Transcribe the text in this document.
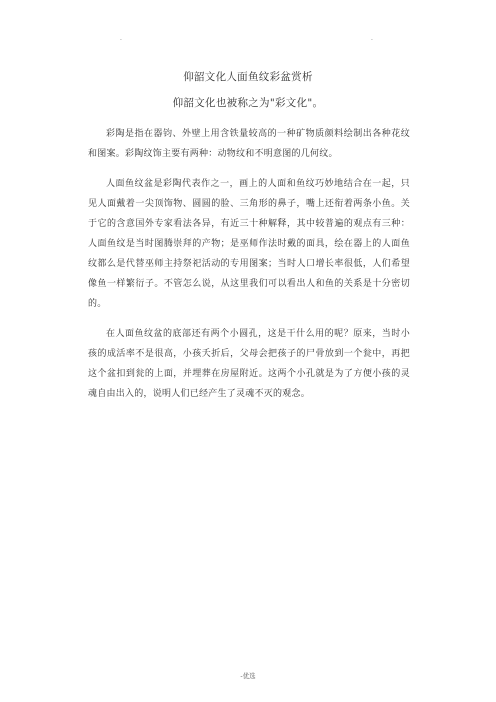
.	.
仰韶文化人面鱼纹彩盆赏析
仰韶文化也被称之为"彩文化"。

彩陶是指在器钧、外壁上用含铁量较高的一种矿物质颜料绘制出各种花纹和图案。彩陶纹饰主要有两种：动物纹和不明意图的几何纹。

人面鱼纹盆是彩陶代表作之一，画上的人面和鱼纹巧妙地结合在一起，只见人面戴着一尖顶饰物、圆圆的脸、三角形的鼻子，嘴上还衔着两条小鱼。关于它的含意国外专家看法各异，有近三十种解释，其中较普遍的观点有三种：人面鱼纹是当时图腾崇拜的产物；是巫师作法时戴的面具，绘在器上的人面鱼纹都么是代替巫师主持祭祀活动的专用图案；当时人口增长率很低，人们希望像鱼一样繁衍子。不管怎么说，从这里我们可以看出人和鱼的关系是十分密切的。

在人面鱼纹盆的底部还有两个小圆孔，这是干什么用的呢？原来，当时小孩的成活率不是很高，小孩夭折后，父母会把孩子的尸骨放到一个瓮中，再把这个盆扣到瓮的上面，并埋葬在房屋附近。这两个小孔就是为了方便小孩的灵魂自由出入的，说明人们已经产生了灵魂不灭的观念。

-优选
